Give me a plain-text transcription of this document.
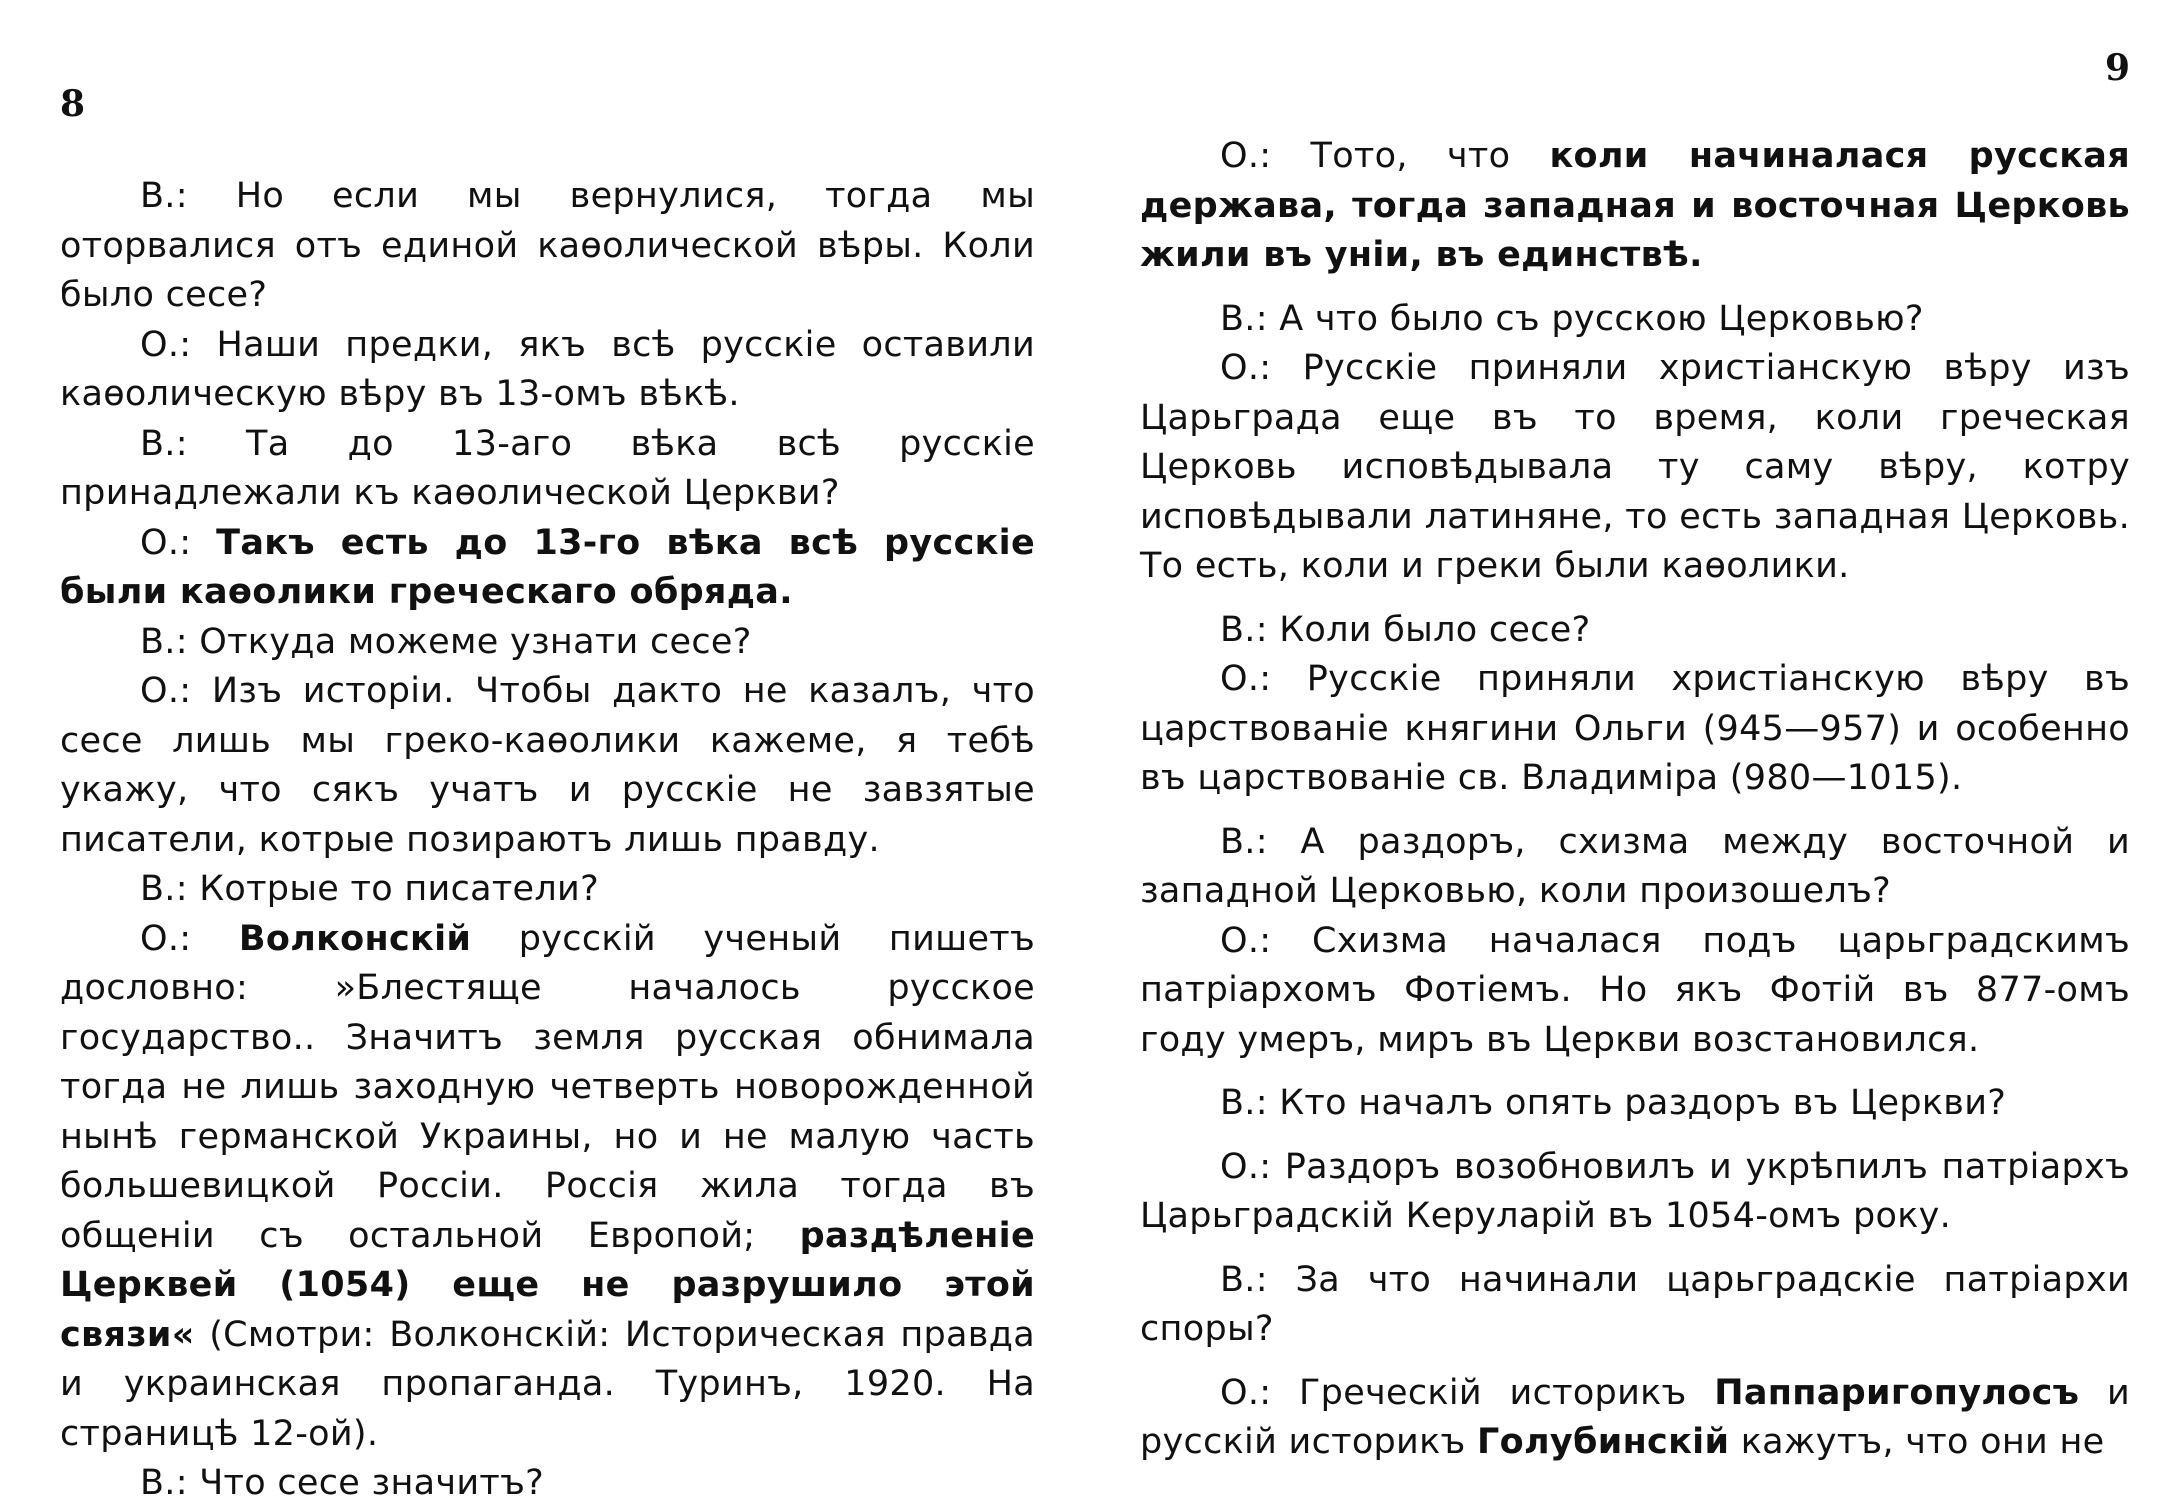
8

В.: Но если мы вернулися, тогда мы оторвалися отъ единой каѳолической вѣры. Коли было сесе?

О.: Наши предки, якъ всѣ русскіе оставили каѳолическую вѣру въ 13-омъ вѣкѣ.

В.: Та до 13-аго вѣка всѣ русскіе принадлежали къ каѳолической Церкви?

О.: Такъ есть до 13-го вѣка всѣ русскіе были каѳолики греческаго обряда.

В.: Откуда можеме узнати сесе?

О.: Изъ исторіи. Чтобы дакто не казалъ, что сесе лишь мы греко-каѳолики кажеме, я тебѣ укажу, что сякъ учатъ и русскіе не завзятые писатели, котрые позираютъ лишь правду.

В.: Котрые то писатели?

О.: Волконскій русскій ученый пишетъ дословно: »Блестяще началось русское государство.. Значитъ земля русская обнимала тогда не лишь заходную четверть новорожденной нынѣ германской Украины, но и не малую часть большевицкой Россіи. Россія жила тогда въ общеніи съ остальной Европой; раздѣленіе Церквей (1054) еще не разрушило этой связи« (Смотри: Волконскій: Историческая правда и украинская пропаганда. Туринъ, 1920. На страницѣ 12-ой).

В.: Что сесе значитъ?

9

О.: Тото, что коли начиналася русская держава, тогда западная и восточная Церковь жили въ уніи, въ единствѣ.

В.: А что было съ русскою Церковью?

О.: Русскіе приняли христіанскую вѣру изъ Царьграда еще въ то время, коли греческая Церковь исповѣдывала ту саму вѣру, котру исповѣдывали латиняне, то есть западная Церковь. То есть, коли и греки были каѳолики.

В.: Коли было сесе?

О.: Русскіе приняли христіанскую вѣру въ царствованіе княгини Ольги (945—957) и особенно въ царствованіе св. Владиміра (980—1015).

В.: А раздоръ, схизма между восточной и западной Церковью, коли произошелъ?

О.: Схизма началася подъ царьградскимъ патріархомъ Фотіемъ. Но якъ Фотій въ 877-омъ году умеръ, миръ въ Церкви возстановился.

В.: Кто началъ опять раздоръ въ Церкви?

О.: Раздоръ возобновилъ и укрѣпилъ патріархъ Царьградскій Керуларій въ 1054-омъ року.

В.: За что начинали царьградскіе патріархи споры?

О.: Греческій историкъ Паппаригопулосъ и русскій историкъ Голубинскій кажутъ, что они не
